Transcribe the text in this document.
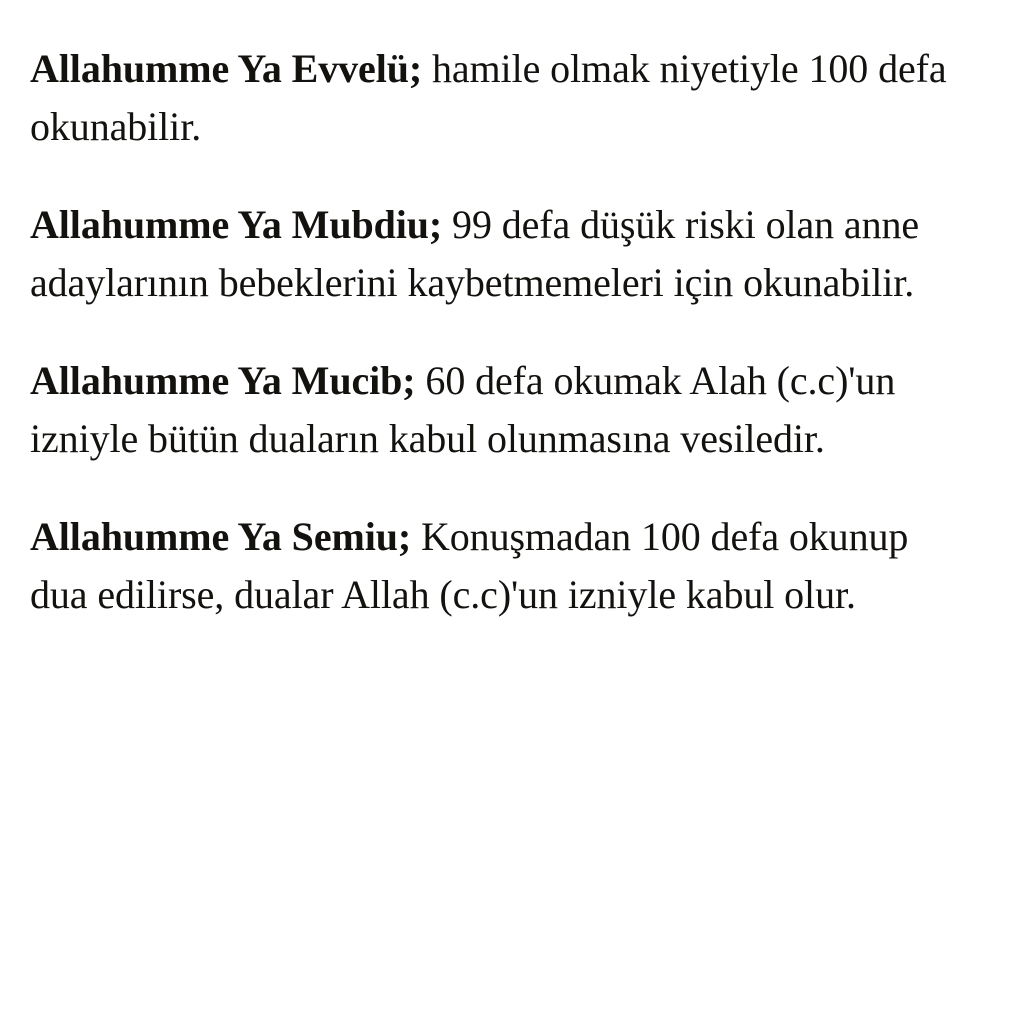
Allahumme Ya Evvelü; hamile olmak niyetiyle 100 defa okunabilir.

Allahumme Ya Mubdiu; 99 defa düşük riski olan anne adaylarının bebeklerini kaybetmemeleri için okunabilir.

Allahumme Ya Mucib; 60 defa okumak Alah (c.c)'un izniyle bütün duaların kabul olunmasına vesiledir.

Allahumme Ya Semiu; Konuşmadan 100 defa okunup dua edilirse, dualar Allah (c.c)'un izniyle kabul olur.
